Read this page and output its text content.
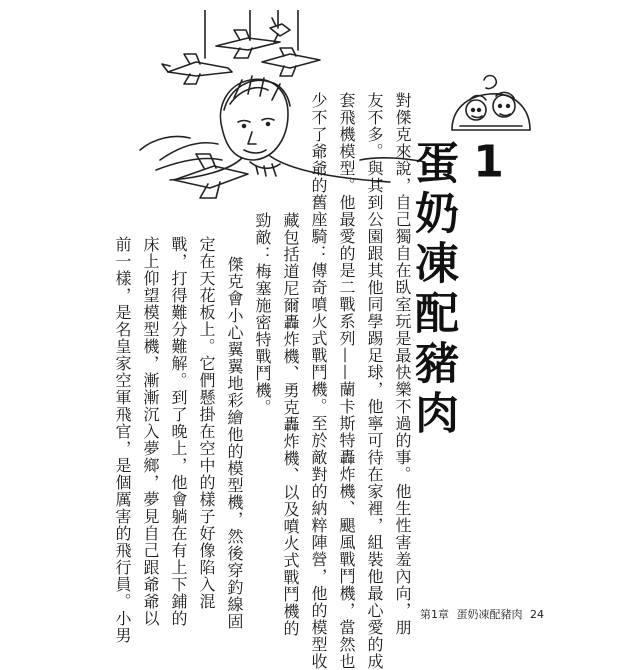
1
蛋奶凍配豬肉
對傑克來說，自己獨自在臥室玩是最快樂不過的事。他生性害羞內向，朋
友不多。與其到公園跟其他同學踢足球，他寧可待在家裡，組裝他最心愛的成
套飛機模型。他最愛的是二戰系列——蘭卡斯特轟炸機、颶風戰鬥機，當然也
少不了爺爺的舊座騎：傳奇噴火式戰鬥機。至於敵對的納粹陣營，他的模型收
藏包括道尼爾轟炸機、勇克轟炸機、以及噴火式戰鬥機的
勁敵：梅塞施密特戰鬥機。
傑克會小心翼翼地彩繪他的模型機，然後穿釣線固
定在天花板上。它們懸掛在空中的樣子好像陷入混
戰，打得難分難解。到了晚上，他會躺在有上下鋪的
床上仰望模型機，漸漸沉入夢鄉，夢見自己跟爺爺以
前一樣，是名皇家空軍飛官，是個厲害的飛行員。小男	第1章 蛋奶凍配豬肉 24
